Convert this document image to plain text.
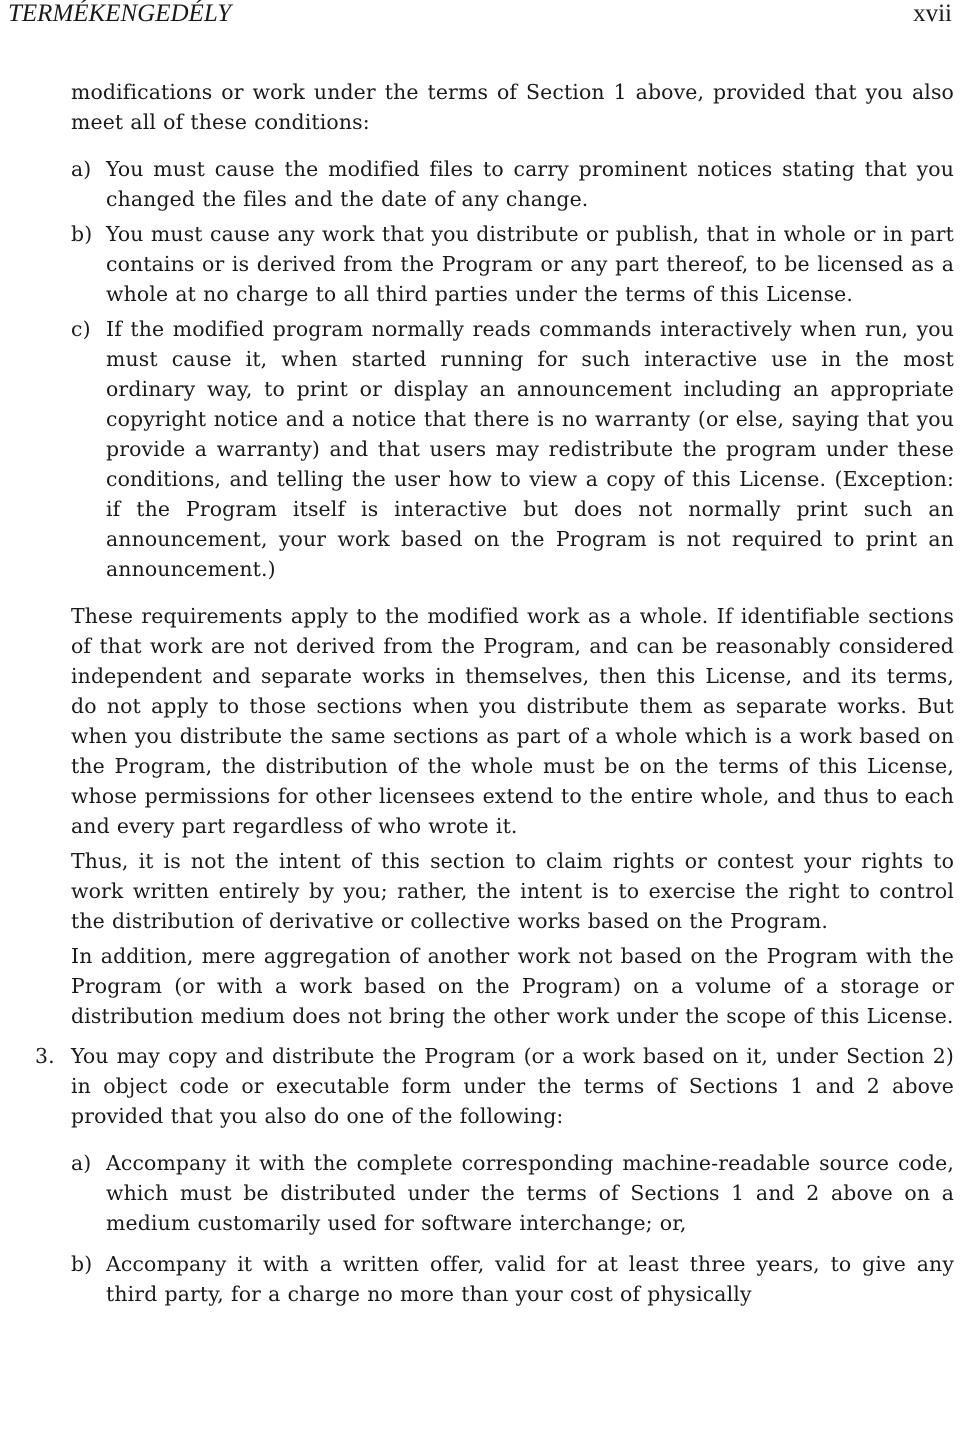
TERMÉKENGEDÉLY	xvii

modifications or work under the terms of Section 1 above, provided that you also meet all of these conditions:

a) You must cause the modified files to carry prominent notices stating that you changed the files and the date of any change.
b) You must cause any work that you distribute or publish, that in whole or in part contains or is derived from the Program or any part thereof, to be licensed as a whole at no charge to all third parties under the terms of this License.
c) If the modified program normally reads commands interactively when run, you must cause it, when started running for such interactive use in the most ordinary way, to print or display an announcement including an appropriate copyright notice and a notice that there is no warranty (or else, saying that you provide a warranty) and that users may redistribute the program under these conditions, and telling the user how to view a copy of this License. (Exception: if the Program itself is interactive but does not normally print such an announcement, your work based on the Program is not required to print an announcement.)

These requirements apply to the modified work as a whole. If identifiable sections of that work are not derived from the Program, and can be reasonably considered independent and separate works in themselves, then this License, and its terms, do not apply to those sections when you distribute them as separate works. But when you distribute the same sections as part of a whole which is a work based on the Program, the distribution of the whole must be on the terms of this License, whose permissions for other licensees extend to the entire whole, and thus to each and every part regardless of who wrote it.

Thus, it is not the intent of this section to claim rights or contest your rights to work written entirely by you; rather, the intent is to exercise the right to control the distribution of derivative or collective works based on the Program.

In addition, mere aggregation of another work not based on the Program with the Program (or with a work based on the Program) on a volume of a storage or distribution medium does not bring the other work under the scope of this License.

3. You may copy and distribute the Program (or a work based on it, under Section 2) in object code or executable form under the terms of Sections 1 and 2 above provided that you also do one of the following:
a) Accompany it with the complete corresponding machine-readable source code, which must be distributed under the terms of Sections 1 and 2 above on a medium customarily used for software interchange; or,
b) Accompany it with a written offer, valid for at least three years, to give any third party, for a charge no more than your cost of physically
